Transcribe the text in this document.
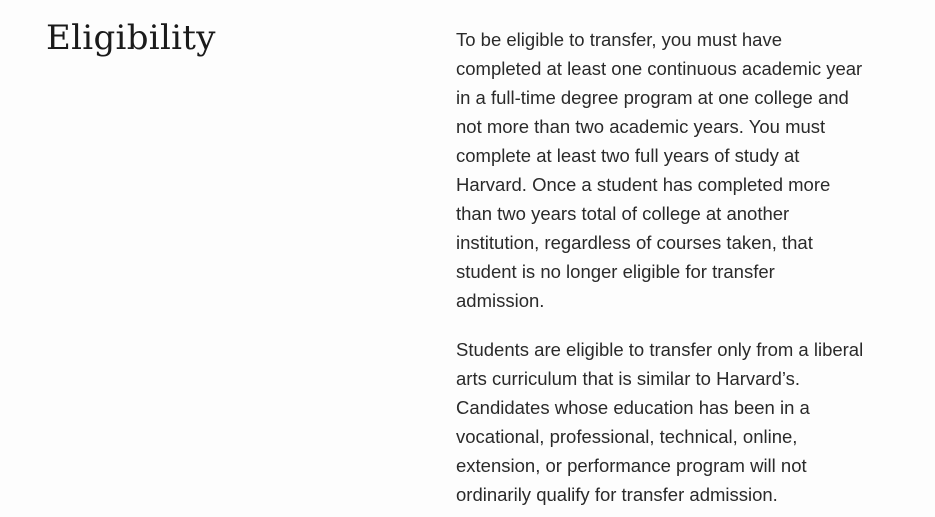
Eligibility	To be eligible to transfer, you must have
completed at least one continuous academic year
in a full-time degree program at one college and
not more than two academic years. You must
complete at least two full years of study at
Harvard. Once a student has completed more
than two years total of college at another
institution, regardless of courses taken, that
student is no longer eligible for transfer
admission.

Students are eligible to transfer only from a liberal
arts curriculum that is similar to Harvard’s.
Candidates whose education has been in a
vocational, professional, technical, online,
extension, or performance program will not
ordinarily qualify for transfer admission.
